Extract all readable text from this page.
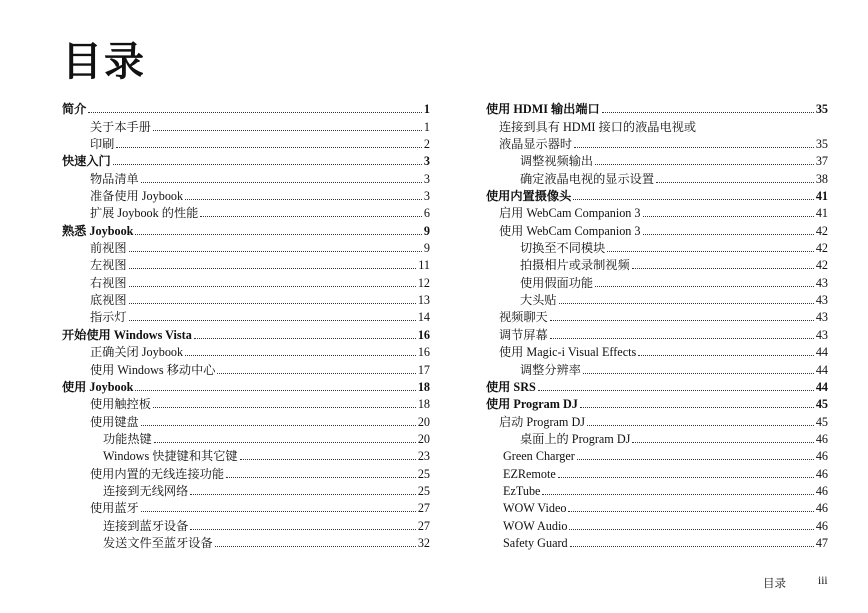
目录
简介	1
关于本手册	1
印刷	2
快速入门	3
物品清单	3
准备使用 Joybook	3
扩展 Joybook 的性能	6
熟悉 Joybook	9
前视图	9
左视图	11
右视图	12
底视图	13
指示灯	14
开始使用 Windows Vista	16
正确关闭 Joybook	16
使用 Windows 移动中心	17
使用 Joybook	18
使用触控板	18
使用键盘	20
功能热键	20
Windows 快捷键和其它键	23
使用内置的无线连接功能	25
连接到无线网络	25
使用蓝牙	27
连接到蓝牙设备	27
发送文件至蓝牙设备	32
使用 HDMI 输出端口	35
连接到具有 HDMI 接口的液晶电视或
液晶显示器时	35
调整视频输出	37
确定液晶电视的显示设置	38
使用内置摄像头	41
启用 WebCam Companion 3	41
使用 WebCam Companion 3	42
切换至不同模块	42
拍摄相片或录制视频	42
使用假面功能	43
大头贴	43
视频聊天	43
调节屏幕	43
使用 Magic-i Visual Effects	44
调整分辨率	44
使用 SRS	44
使用 Program DJ	45
启动 Program DJ	45
桌面上的 Program DJ	46
Green Charger	46
EZRemote	46
EzTube	46
WOW Video	46
WOW Audio	46
Safety Guard	47
目录	iii
